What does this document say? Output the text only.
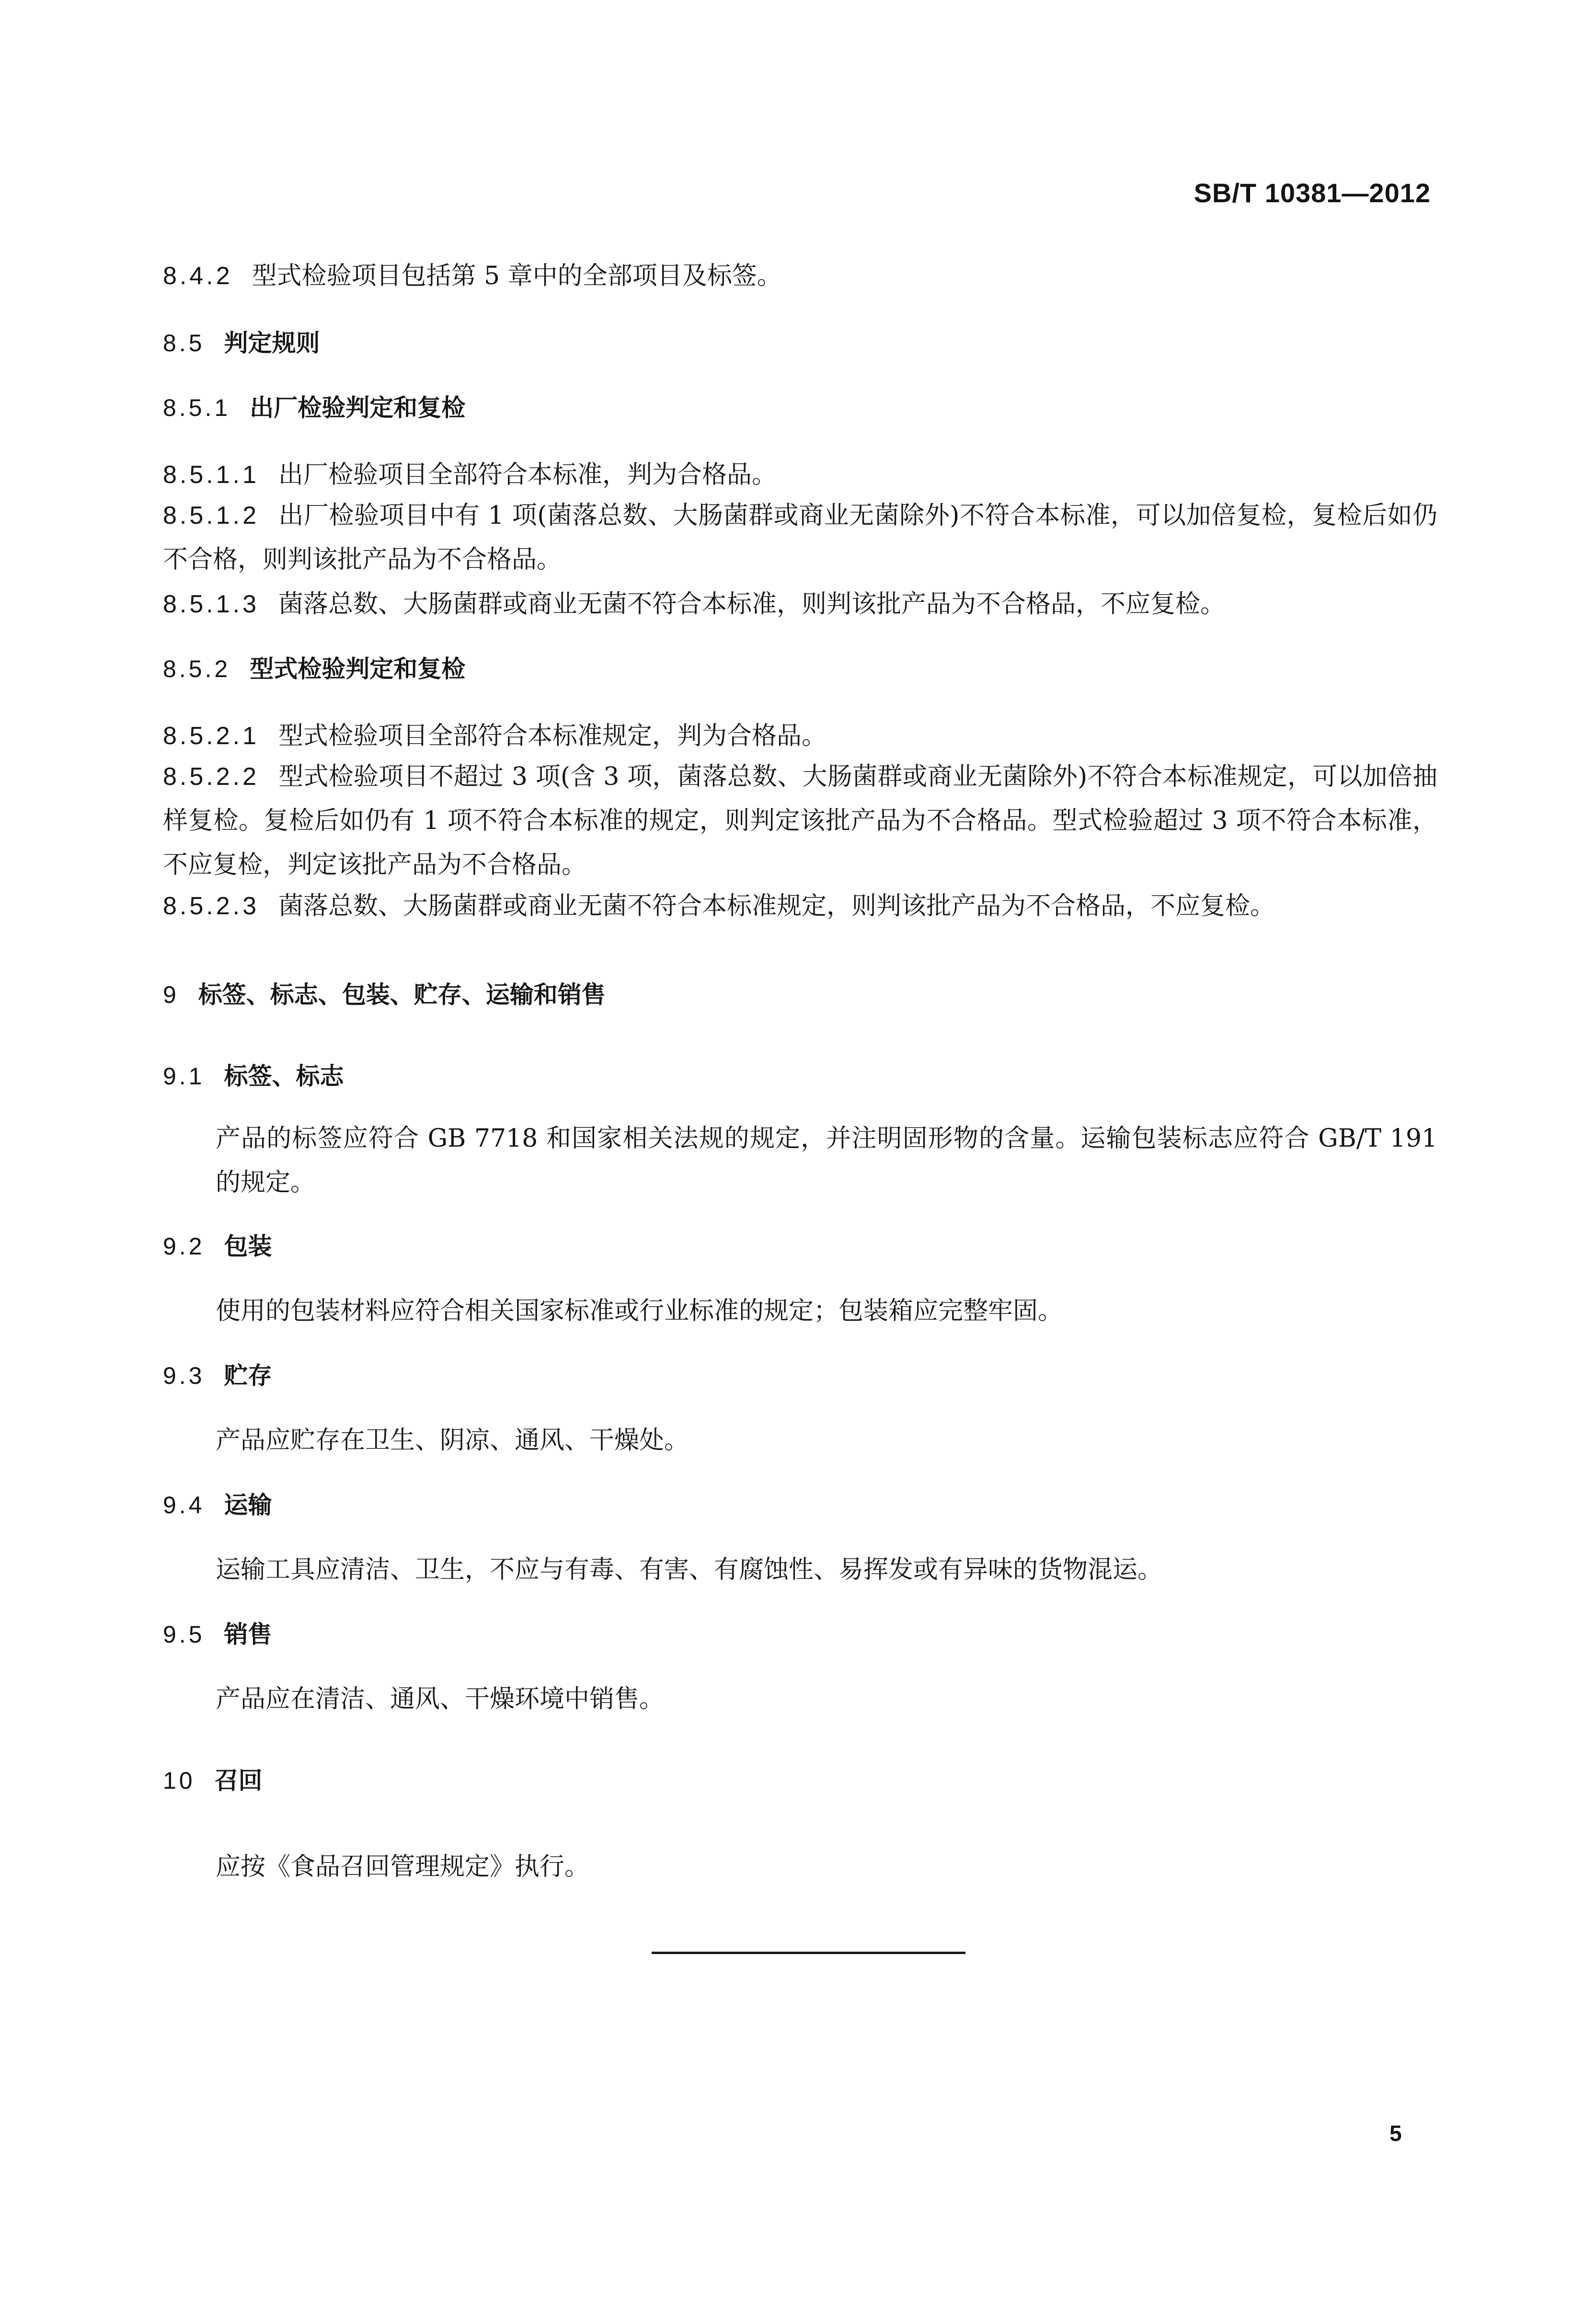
SB/T 10381—2012
8.4.2 型式检验项目包括第 5 章中的全部项目及标签。
8.5 判定规则
8.5.1 出厂检验判定和复检
8.5.1.1 出厂检验项目全部符合本标准，判为合格品。
8.5.1.2 出厂检验项目中有 1 项(菌落总数、大肠菌群或商业无菌除外)不符合本标准，可以加倍复检，复检后如仍不合格，则判该批产品为不合格品。
8.5.1.3 菌落总数、大肠菌群或商业无菌不符合本标准，则判该批产品为不合格品，不应复检。
8.5.2 型式检验判定和复检
8.5.2.1 型式检验项目全部符合本标准规定，判为合格品。
8.5.2.2 型式检验项目不超过 3 项(含 3 项，菌落总数、大肠菌群或商业无菌除外)不符合本标准规定，可以加倍抽样复检。复检后如仍有 1 项不符合本标准的规定，则判定该批产品为不合格品。型式检验超过 3 项不符合本标准，不应复检，判定该批产品为不合格品。
8.5.2.3 菌落总数、大肠菌群或商业无菌不符合本标准规定，则判该批产品为不合格品，不应复检。
9 标签、标志、包装、贮存、运输和销售
9.1 标签、标志
产品的标签应符合 GB 7718 和国家相关法规的规定，并注明固形物的含量。运输包装标志应符合 GB/T 191 的规定。
9.2 包装
使用的包装材料应符合相关国家标准或行业标准的规定；包装箱应完整牢固。
9.3 贮存
产品应贮存在卫生、阴凉、通风、干燥处。
9.4 运输
运输工具应清洁、卫生，不应与有毒、有害、有腐蚀性、易挥发或有异味的货物混运。
9.5 销售
产品应在清洁、通风、干燥环境中销售。
10 召回
应按《食品召回管理规定》执行。
5
